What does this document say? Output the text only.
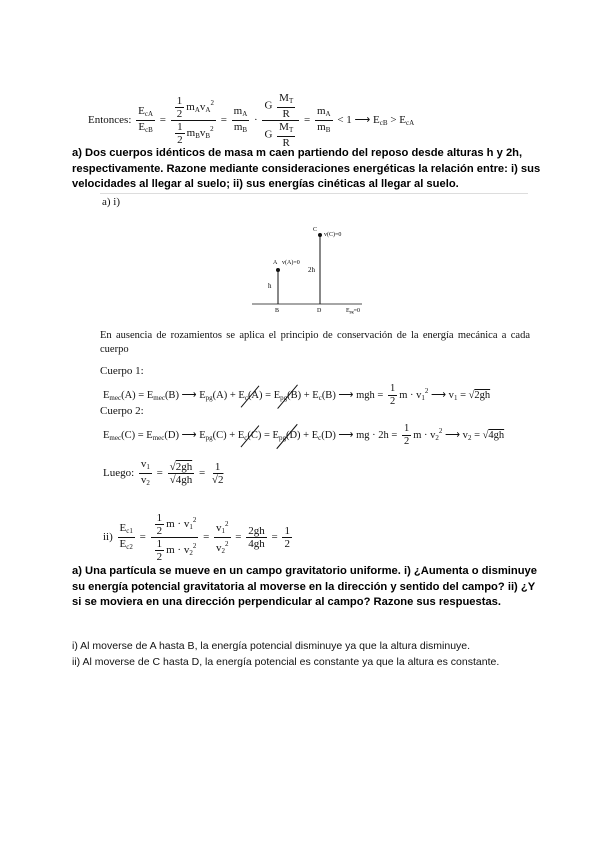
Entonces: $\frac{E_{cA}}{E_{cB}} = \frac{\frac{1}{2} m_Av_A^2}{\frac{1}{2} m_Bv_B^2} = \frac{m_A}{m_B} \cdot \frac{G \frac{M_T}{R}}{G \frac{M_T}{R}} = \frac{m_A}{m_B} < 1$ ⟶ $E_{cB} > E_{cA}$
a) Dos cuerpos idénticos de masa m caen partiendo del reposo desde alturas h y 2h, respectivamente. Razone mediante consideraciones energéticas la relación entre: i) sus velocidades al llegar al suelo; ii) sus energías cinéticas al llegar al suelo.
a) i)
A v(A)=0
C
v(C)=0
h
2h
B	D	Epg=0
En ausencia de rozamientos se aplica el principio de conservación de la energía mecánica a cada cuerpo
Cuerpo 1:
$E_{mec}(A) = E_{mec}(B)$ ⟶ $E_{pg}(A) + E_c(A) = E_{pg}(B) + E_c(B)$ ⟶ mgh = $\frac{1}{2}$ $m \cdot v_1^2$ ⟶ $v_1 = √2gh$
Cuerpo 2:
$E_{mec}(C) = E_{mec}(D)$ ⟶ $E_{pg}(C) + E_c(C) = E_{pg}(D) + E_c(D)$ ⟶ mg · $2h = \frac{1}{2}$ $m \cdot v_2^2$ ⟶ $v_2 = √4gh$
Luego: $\frac{v_1}{v_2} = \frac{√2gh}{√4gh} = \frac{1}{√2}$
$ii) \frac{E_{c1}}{E_{c2}} = \frac{\frac{1}{2} m \cdot v_1^2}{\frac{1}{2} m \cdot v_2^2} = \frac{v_1^2}{v_2^2} = \frac{2gh}{4gh} = \frac{1}{2}$
a) Una partícula se mueve en un campo gravitatorio uniforme. i) ¿Aumenta o disminuye su energía potencial gravitatoria al moverse en la dirección y sentido del campo? ii) ¿Y si se moviera en una dirección perpendicular al campo? Razone sus respuestas.
i) Al moverse de A hasta B, la energía potencial disminuye ya que la altura disminuye.
ii) Al moverse de C hasta D, la energía potencial es constante ya que la altura es constante.
